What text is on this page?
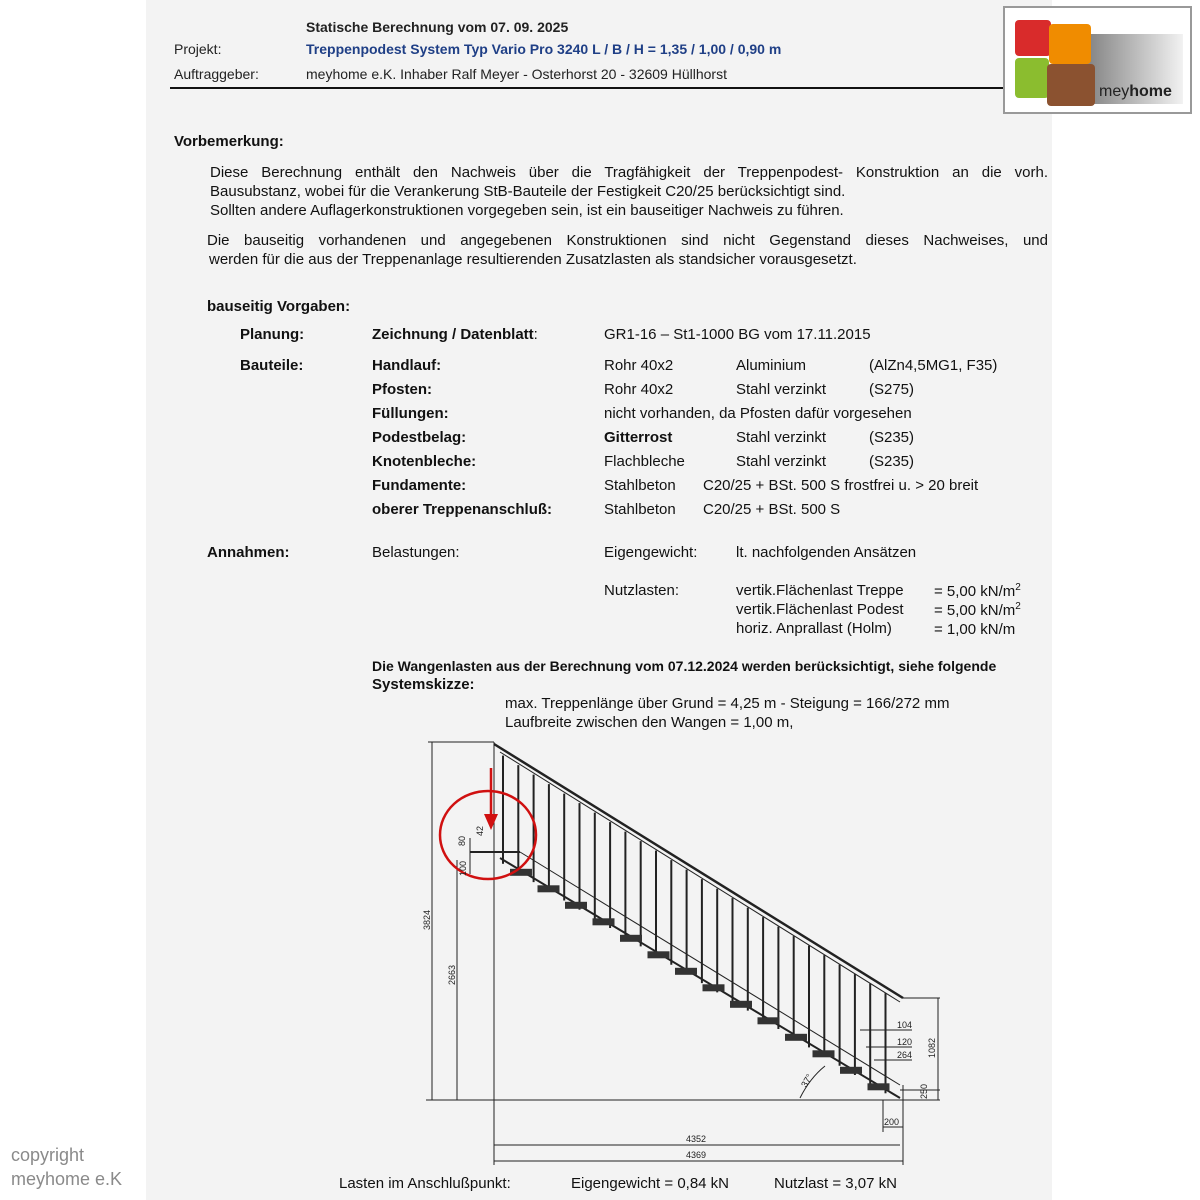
Statische Berechnung vom 07. 09. 2025
Projekt:	Treppenpodest System Typ Vario Pro 3240 L / B / H = 1,35 / 1,00 / 0,90 m
Auftraggeber:	meyhome e.K. Inhaber Ralf Meyer - Osterhorst 20 - 32609 Hüllhorst
meyhome
Vorbemerkung:
Diese Berechnung enthält den Nachweis über die Tragfähigkeit der Treppenpodest- Konstruktion an die vorh.
Bausubstanz, wobei für die Verankerung StB-Bauteile der Festigkeit C20/25 berücksichtigt sind.
Sollten andere Auflagerkonstruktionen vorgegeben sein, ist ein bauseitiger Nachweis zu führen.
Die bauseitig vorhandenen und angegebenen Konstruktionen sind nicht Gegenstand dieses Nachweises, und
werden für die aus der Treppenanlage resultierenden Zusatzlasten als standsicher vorausgesetzt.
bauseitig Vorgaben:
Planung:	Zeichnung / Datenblatt:	GR1-16 – St1-1000 BG vom 17.11.2015
Bauteile:	Handlauf:	Rohr 40x2	Aluminium	(AlZn4,5MG1, F35)
Pfosten:	Rohr 40x2	Stahl verzinkt	(S275)
Füllungen:	nicht vorhanden, da Pfosten dafür vorgesehen
Podestbelag:	Gitterrost	Stahl verzinkt	(S235)
Knotenbleche:	Flachbleche	Stahl verzinkt	(S235)
Fundamente:	Stahlbeton C20/25 + BSt. 500 S frostfrei u. > 20 breit
oberer Treppenanschluß:	Stahlbeton C20/25 + BSt. 500 S
Annahmen:	Belastungen:	Eigengewicht:	lt. nachfolgenden Ansätzen
Nutzlasten:	vertik.Flächenlast Treppe = 5,00 $kN/m^2$
vertik.Flächenlast Podest = 5,00 $kN/m^2$
horiz. Anprallast (Holm)	= 1,00 kN/m
Die Wangenlasten aus der Berechnung vom 07.12.2024 werden berücksichtigt, siehe folgende
Systemskizze:
max. Treppenlänge über Grund = 4,25 m - Steigung = 166/272 mm
Laufbreite zwischen den Wangen = 1,00 m,
3824
2663
80
42
100
104
120
264 1082
250
200
4352
4369
37°
Lasten im Anschlußpunkt:	Eigengewicht = 0,84 kN	Nutzlast = 3,07 kN
copyright
meyhome e.K
